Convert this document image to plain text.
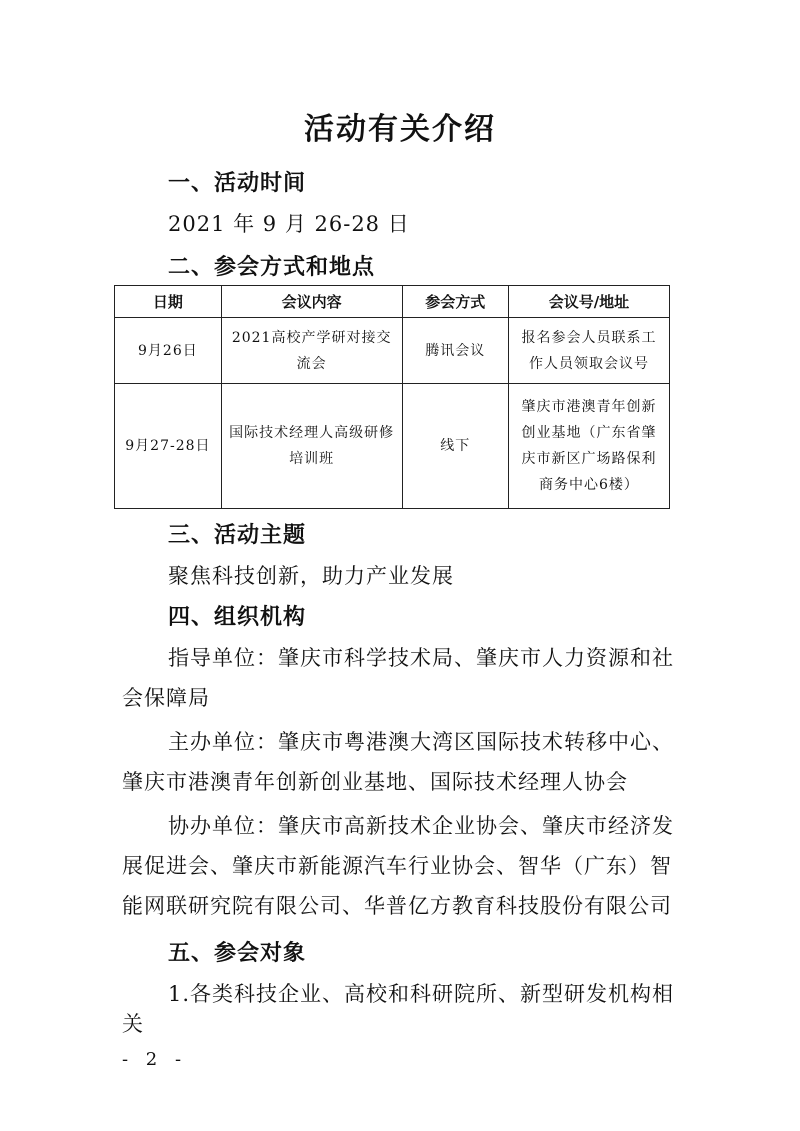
活动有关介绍
一、活动时间
2021 年 9 月 26-28 日
二、参会方式和地点
日期	会议内容	参会方式	会议号/地址
9月26日	2021高校产学研对接交流会	腾讯会议	报名参会人员联系工作人员领取会议号
9月27-28日	国际技术经理人高级研修培训班	线下	肇庆市港澳青年创新创业基地（广东省肇庆市新区广场路保利商务中心6楼）
三、活动主题
聚焦科技创新，助力产业发展
四、组织机构
指导单位：肇庆市科学技术局、肇庆市人力资源和社会保障局
主办单位：肇庆市粤港澳大湾区国际技术转移中心、肇庆市港澳青年创新创业基地、国际技术经理人协会
协办单位：肇庆市高新技术企业协会、肇庆市经济发展促进会、肇庆市新能源汽车行业协会、智华（广东）智能网联研究院有限公司、华普亿方教育科技股份有限公司
五、参会对象
1.各类科技企业、高校和科研院所、新型研发机构相关
- 2 -
